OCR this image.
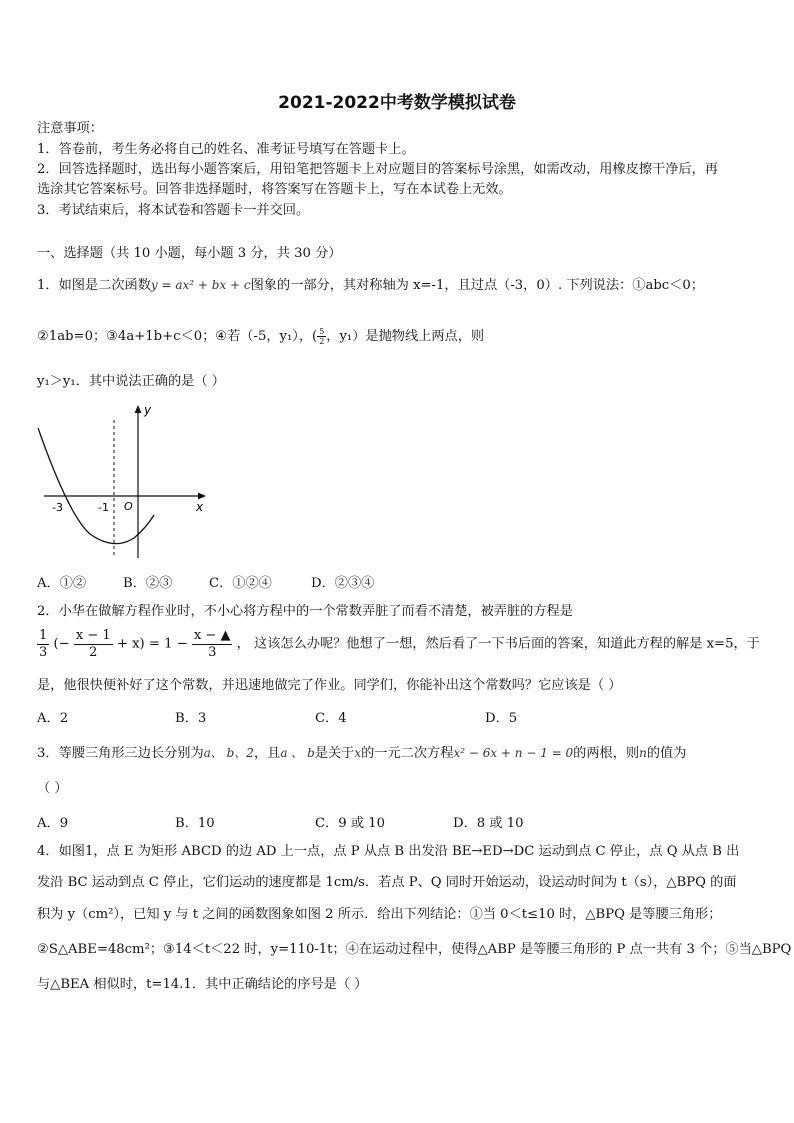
2021-2022中考数学模拟试卷
注意事项：
1．答卷前，考生务必将自己的姓名、准考证号填写在答题卡上。
2．回答选择题时，选出每小题答案后，用铅笔把答题卡上对应题目的答案标号涂黑，如需改动，用橡皮擦干净后，再
选涂其它答案标号。回答非选择题时，将答案写在答题卡上，写在本试卷上无效。
3．考试结束后，将本试卷和答题卡一并交回。
一、选择题（共 10 小题，每小题 3 分，共 30 分）
1．如图是二次函数y = ax² + bx + c图象的一部分，其对称轴为 x=-1，且过点（-3，0）. 下列说法：①abc＜0；
②1ab=0；③4a+1b+c＜0；④若（-5，y₁），( $\frac{5}{2}$ ，y₁）是抛物线上两点，则
y₁＞y₁．其中说法正确的是（ ）
y
x
O
-3	-1
A．①②	B．②③	C．①②④	D．②③④
2．小华在做解方程作业时，不小心将方程中的一个常数弄脏了而看不清楚，被弄脏的方程是
$\frac{1}{3}$ (− $\frac{x - 1}{2} + x) = 1 - \frac{x - ▲}{3}$ ， 这该怎么办呢？他想了一想，然后看了一下书后面的答案，知道此方程的解是 x=5，于
是，他很快便补好了这个常数，并迅速地做完了作业。同学们，你能补出这个常数吗？它应该是（ ）
A．2	B．3	C．4	D．5
3．等腰三角形三边长分别为a、 b、2，且a 、 b是关于x的一元二次方程x² − 6x + n − 1 = 0的两根，则n的值为
（ ）
A．9	B．10	C．9 或 10	D．8 或 10
4．如图1，点 E 为矩形 ABCD 的边 AD 上一点，点 P 从点 B 出发沿 BE→ED→DC 运动到点 C 停止，点 Q 从点 B 出
发沿 BC 运动到点 C 停止，它们运动的速度都是 1cm/s．若点 P、Q 同时开始运动，设运动时间为 t（s），△BPQ 的面
积为 y（cm²），已知 y 与 t 之间的函数图象如图 2 所示．给出下列结论：①当 0＜t≤10 时，△BPQ 是等腰三角形；
②S△ABE=48cm²；③14＜t＜22 时，y=110-1t；④在运动过程中，使得△ABP 是等腰三角形的 P 点一共有 3 个；⑤当△BPQ
与△BEA 相似时，t=14.1．其中正确结论的序号是（ ）
